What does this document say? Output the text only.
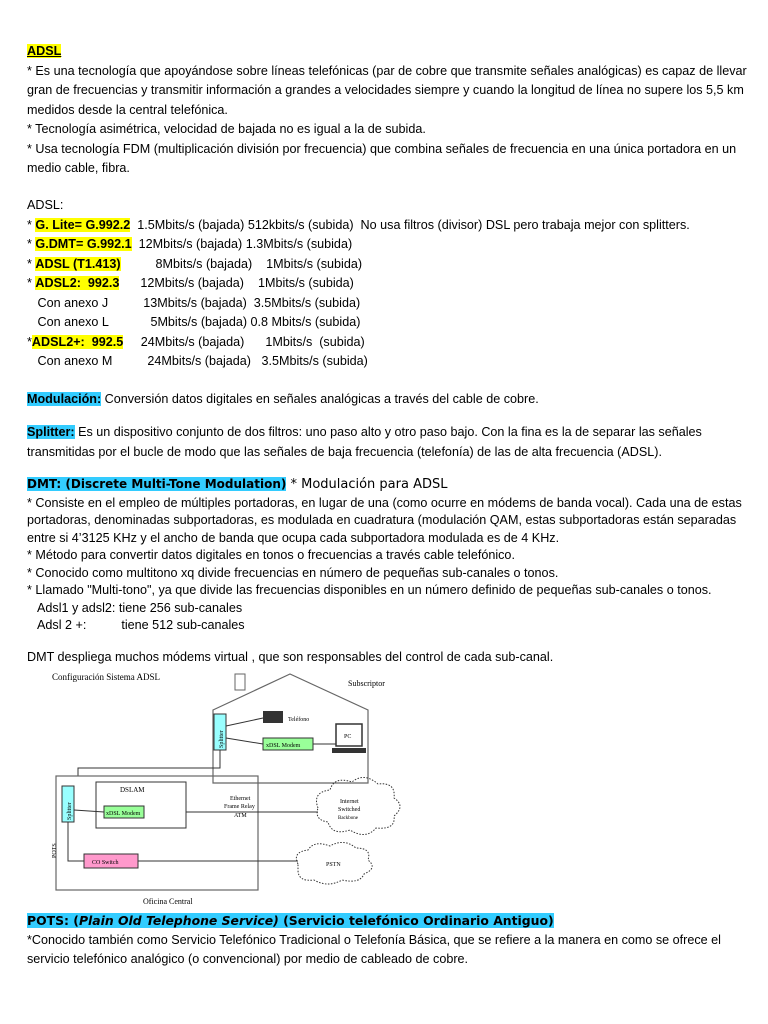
ADSL

* Es una tecnología que apoyándose sobre líneas telefónicas (par de cobre que transmite señales analógicas) es capaz de llevar gran de frecuencias y transmitir información a grandes a velocidades siempre y cuando la longitud de línea no supere los 5,5 km medidos desde la central telefónica.

* Tecnología asimétrica, velocidad de bajada no es igual a la de subida.

* Usa tecnología FDM (multiplicación división por frecuencia) que combina señales de frecuencia en una única portadora en un medio cable, fibra.

ADSL:

* G. Lite= G.992.2  1.5Mbits/s (bajada) 512kbits/s (subida)  No usa filtros (divisor) DSL pero trabaja mejor con splitters.

* G.DMT= G.992.1  12Mbits/s (bajada) 1.3Mbits/s (subida)

* ADSL (T1.413)          8Mbits/s (bajada)    1Mbits/s (subida)

* ADSL2:  992.3      12Mbits/s (bajada)    1Mbits/s (subida)

Con anexo J          13Mbits/s (bajada)  3.5Mbits/s (subida)

Con anexo L            5Mbits/s (bajada) 0.8 Mbits/s (subida)

*ADSL2+:  992.5     24Mbits/s (bajada)      1Mbits/s  (subida)

Con anexo M          24Mbits/s (bajada)   3.5Mbits/s (subida)

Modulación: Conversión datos digitales en señales analógicas a través del cable de cobre.

Splitter: Es un dispositivo conjunto de dos filtros: uno paso alto y otro paso bajo. Con la fina es la de separar las señales transmitidas por el bucle de modo que las señales de baja frecuencia (telefonía) de las de alta frecuencia (ADSL).

DMT: (Discrete Multi-Tone Modulation) * Modulación para ADSL

* Consiste en el empleo de múltiples portadoras, en lugar de una (como ocurre en módems de banda vocal). Cada una de estas portadoras, denominadas subportadoras, es modulada en cuadratura (modulación QAM, estas subportadoras están separadas entre si 4’3125 KHz y el ancho de banda que ocupa cada subportadora modulada es de 4 KHz.

* Método para convertir datos digitales en tonos o frecuencias a través cable telefónico.

* Conocido como multitono xq divide frecuencias en número de pequeñas sub-canales o tonos.

* Llamado "Multi-tono", ya que divide las frecuencias disponibles en un número definido de pequeñas sub-canales o tonos.

Adsl1 y adsl2: tiene 256 sub-canales

Adsl 2 +:          tiene 512 sub-canales

DMT despliega muchos módems virtual , que son responsables del control de cada sub-canal.

Configuración Sistema ADSL
Subscriptor
Splitter
Teléfono
xDSL Modem
PC
Oficina Central
Splitter
POTS
DSLAM
xDSL Modem
CO Switch
Ethernet
Frame Relay
ATM
Internet
Switched
Backbone
PSTN

POTS: (Plain Old Telephone Service) (Servicio telefónico Ordinario Antiguo)

*Conocido también como Servicio Telefónico Tradicional o Telefonía Básica, que se refiere a la manera en como se ofrece el servicio telefónico analógico (o convencional) por medio de cableado de cobre.
